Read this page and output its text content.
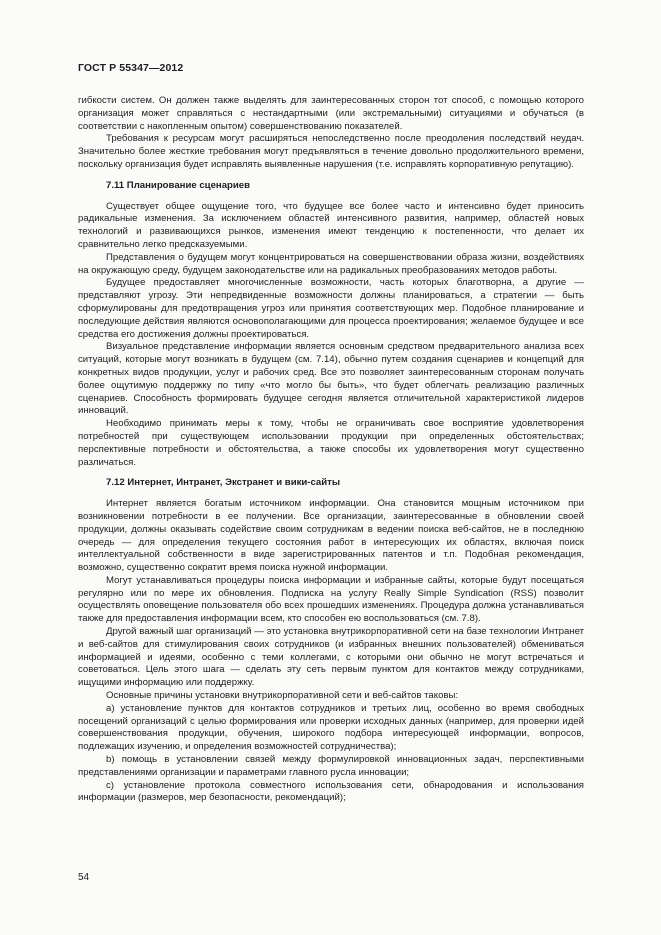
ГОСТ Р 55347—2012

гибкости систем. Он должен также выделять для заинтересованных сторон тот способ, с помощью которого организация может справляться с нестандартными (или экстремальными) ситуациями и обучаться (в соответствии с накопленным опытом) совершенствованию показателей.

Требования к ресурсам могут расширяться непоследственно после преодоления последствий неудач. Значительно более жесткие требования могут предъявляться в течение довольно продолжительного времени, поскольку организация будет исправлять выявленные нарушения (т.е. исправлять корпоративную репутацию).

7.11 Планирование сценариев

Существует общее ощущение того, что будущее все более часто и интенсивно будет приносить радикальные изменения. За исключением областей интенсивного развития, например, областей новых технологий и развивающихся рынков, изменения имеют тенденцию к постепенности, что делает их сравнительно легко предсказуемыми.

Представления о будущем могут концентрироваться на совершенствовании образа жизни, воздействиях на окружающую среду, будущем законодательстве или на радикальных преобразованиях методов работы.

Будущее предоставляет многочисленные возможности, часть которых благотворна, а другие — представляют угрозу. Эти непредвиденные возможности должны планироваться, а стратегии — быть сформулированы для предотвращения угроз или принятия соответствующих мер. Подобное планирование и последующие действия являются основополагающими для процесса проектирования; желаемое будущее и все средства его достижения должны проектироваться.

Визуальное представление информации является основным средством предварительного анализа всех ситуаций, которые могут возникать в будущем (см. 7.14), обычно путем создания сценариев и концепций для конкретных видов продукции, услуг и рабочих сред. Все это позволяет заинтересованным сторонам получать более ощутимую поддержку по типу «что могло бы быть», что будет облегчать реализацию различных сценариев. Способность формировать будущее сегодня является отличительной характеристикой лидеров инноваций.

Необходимо принимать меры к тому, чтобы не ограничивать свое восприятие удовлетворения потребностей при существующем использовании продукции при определенных обстоятельствах; перспективные потребности и обстоятельства, а также способы их удовлетворения могут существенно различаться.

7.12 Интернет, Интранет, Экстранет и вики-сайты

Интернет является богатым источником информации. Она становится мощным источником при возникновении потребности в ее получении. Все организации, заинтересованные в обновлении своей продукции, должны оказывать содействие своим сотрудникам в ведении поиска веб-сайтов, не в последнюю очередь — для определения текущего состояния работ в интересующих их областях, включая поиск интеллектуальной собственности в виде зарегистрированных патентов и т.п. Подобная рекомендация, возможно, существенно сократит время поиска нужной информации.

Могут устанавливаться процедуры поиска информации и избранные сайты, которые будут посещаться регулярно или по мере их обновления. Подписка на услугу Really Simple Syndication (RSS) позволит осуществлять оповещение пользователя обо всех прошедших изменениях. Процедура должна устанавливаться также для предоставления информации всем, кто способен ею воспользоваться (см. 7.8).

Другой важный шаг организаций — это установка внутрикорпоративной сети на базе технологии Интранет и веб-сайтов для стимулирования своих сотрудников (и избранных внешних пользователей) обмениваться информацией и идеями, особенно с теми коллегами, с которыми они обычно не могут встречаться и советоваться. Цель этого шага — сделать эту сеть первым пунктом для контактов между сотрудниками, ищущими информацию или поддержку.

Основные причины установки внутрикорпоративной сети и веб-сайтов таковы:

а) установление пунктов для контактов сотрудников и третьих лиц, особенно во время свободных посещений организаций с целью формирования или проверки исходных данных (например, для проверки идей совершенствования продукции, обучения, широкого подбора интересующей информации, вопросов, подлежащих изучению, и определения возможностей сотрудничества);

b) помощь в установлении связей между формулировкой инновационных задач, перспективными представлениями организации и параметрами главного русла инновации;

с) установление протокола совместного использования сети, обнародования и использования информации (размеров, мер безопасности, рекомендаций);

54
